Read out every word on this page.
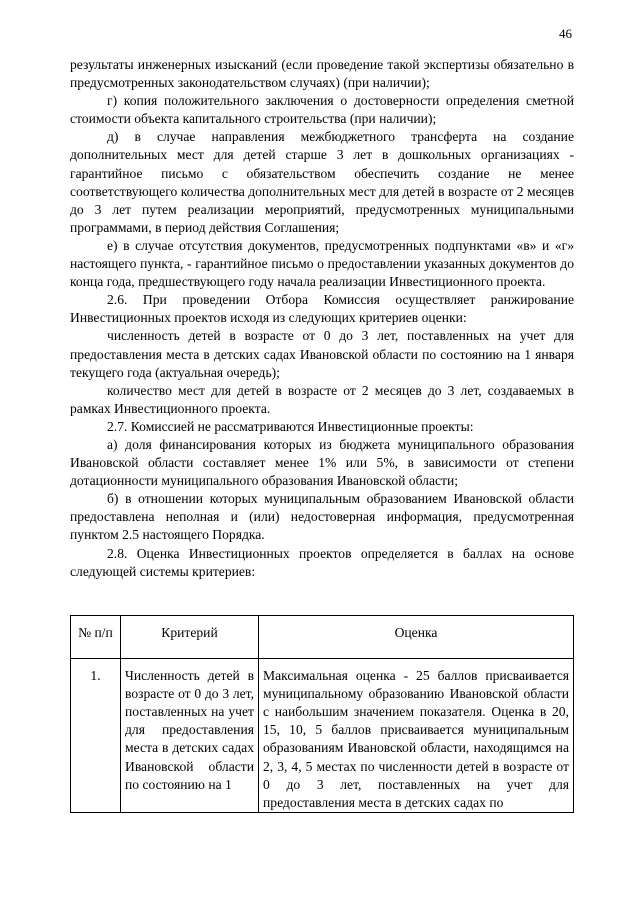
46

результаты инженерных изысканий (если проведение такой экспертизы обязательно в предусмотренных законодательством случаях) (при наличии);

г) копия положительного заключения о достоверности определения сметной стоимости объекта капитального строительства (при наличии);

д) в случае направления межбюджетного трансферта на создание дополнительных мест для детей старше 3 лет в дошкольных организациях - гарантийное письмо с обязательством обеспечить создание не менее соответствующего количества дополнительных мест для детей в возрасте от 2 месяцев до 3 лет путем реализации мероприятий, предусмотренных муниципальными программами, в период действия Соглашения;

е) в случае отсутствия документов, предусмотренных подпунктами «в» и «г» настоящего пункта, - гарантийное письмо о предоставлении указанных документов до конца года, предшествующего году начала реализации Инвестиционного проекта.

2.6. При проведении Отбора Комиссия осуществляет ранжирование Инвестиционных проектов исходя из следующих критериев оценки:

численность детей в возрасте от 0 до 3 лет, поставленных на учет для предоставления места в детских садах Ивановской области по состоянию на 1 января текущего года (актуальная очередь);

количество мест для детей в возрасте от 2 месяцев до 3 лет, создаваемых в рамках Инвестиционного проекта.

2.7. Комиссией не рассматриваются Инвестиционные проекты:

а) доля финансирования которых из бюджета муниципального образования Ивановской области составляет менее 1% или 5%, в зависимости от степени дотационности муниципального образования Ивановской области;

б) в отношении которых муниципальным образованием Ивановской области предоставлена неполная и (или) недостоверная информация, предусмотренная пунктом 2.5 настоящего Порядка.

2.8. Оценка Инвестиционных проектов определяется в баллах на основе следующей системы критериев:

№ п/п	Критерий	Оценка
1.	Численность детей в возрасте от 0 до 3 лет, поставленных на учет для предоставления места в детских садах Ивановской области по состоянию на 1	Максимальная оценка - 25 баллов присваивается муниципальному образованию Ивановской области с наибольшим значением показателя. Оценка в 20, 15, 10, 5 баллов присваивается муниципальным образованиям Ивановской области, находящимся на 2, 3, 4, 5 местах по численности детей в возрасте от 0 до 3 лет, поставленных на учет для предоставления места в детских садах по
